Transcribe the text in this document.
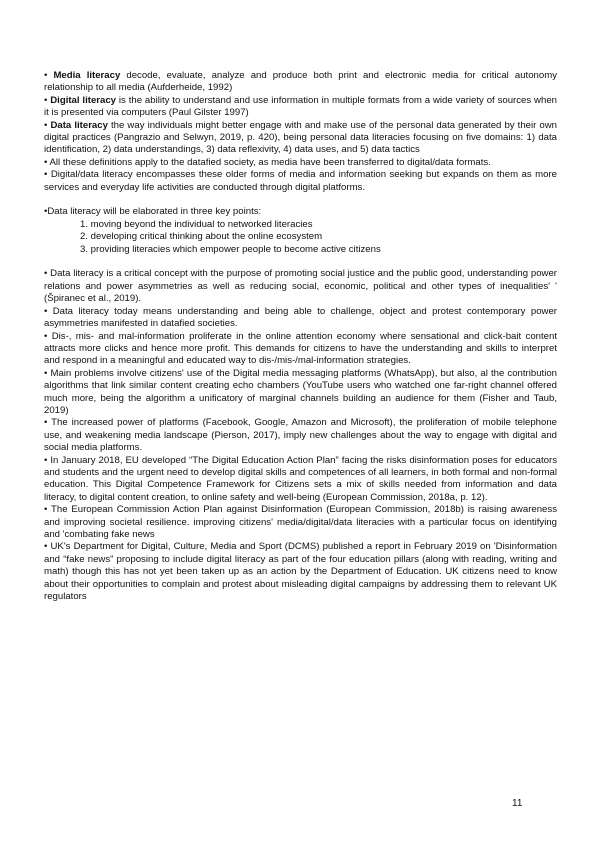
• Media literacy decode, evaluate, analyze and produce both print and electronic media for critical autonomy relationship to all media (Aufderheide, 1992)

• Digital literacy is the ability to understand and use information in multiple formats from a wide variety of sources when it is presented via computers (Paul Gilster 1997)

• Data literacy the way individuals might better engage with and make use of the personal data generated by their own digital practices (Pangrazio and Selwyn, 2019, p. 420), being personal data literacies focusing on five domains: 1) data identification, 2) data understandings, 3) data reflexivity, 4) data uses, and 5) data tactics

• All these definitions apply to the datafied society, as media have been transferred to digital/data formats.

• Digital/data literacy encompasses these older forms of media and information seeking but expands on them as more services and everyday life activities are conducted through digital platforms.

•Data literacy will be elaborated in three key points:

1. moving beyond the individual to networked literacies
2. developing critical thinking about the online ecosystem
3. providing literacies which empower people to become active citizens

• Data literacy is a critical concept with the purpose of promoting social justice and the public good, understanding power relations and power asymmetries as well as reducing social, economic, political and other types of inequalities' ' (Špiranec et al., 2019).

• Data literacy today means understanding and being able to challenge, object and protest contemporary power asymmetries manifested in datafied societies.

• Dis-, mis- and mal-information proliferate in the online attention economy where sensational and click-bait content attracts more clicks and hence more profit. This demands for citizens to have the understanding and skills to interpret and respond in a meaningful and educated way to dis-/mis-/mal-information strategies.

• Main problems involve citizens' use of the Digital media messaging platforms (WhatsApp), but also, al the contribution algorithms that link similar content creating echo chambers (YouTube users who watched one far-right channel offered much more, being the algorithm a unificatory of marginal channels building an audience for them (Fisher and Taub, 2019)

• The increased power of platforms (Facebook, Google, Amazon and Microsoft), the proliferation of mobile telephone use, and weakening media landscape (Pierson, 2017), imply new challenges about the way to engage with digital and social media platforms.

• In January 2018, EU developed “The Digital Education Action Plan” facing the risks disinformation poses for educators and students and the urgent need to develop digital skills and competences of all learners, in both formal and non-formal education. This Digital Competence Framework for Citizens sets a mix of skills needed from information and data literacy, to digital content creation, to online safety and well-being (European Commission, 2018a, p. 12).

• The European Commission Action Plan against Disinformation (European Commission, 2018b) is raising awareness and improving societal resilience. improving citizens' media/digital/data literacies with a particular focus on identifying and 'combating fake news

• UK's Department for Digital, Culture, Media and Sport (DCMS) published a report in February 2019 on 'Disinformation and “fake news” proposing to include digital literacy as part of the four education pillars (along with reading, writing and math) though this has not yet been taken up as an action by the Department of Education. UK citizens need to know about their opportunities to complain and protest about misleading digital campaigns by addressing them to relevant UK regulators

11
